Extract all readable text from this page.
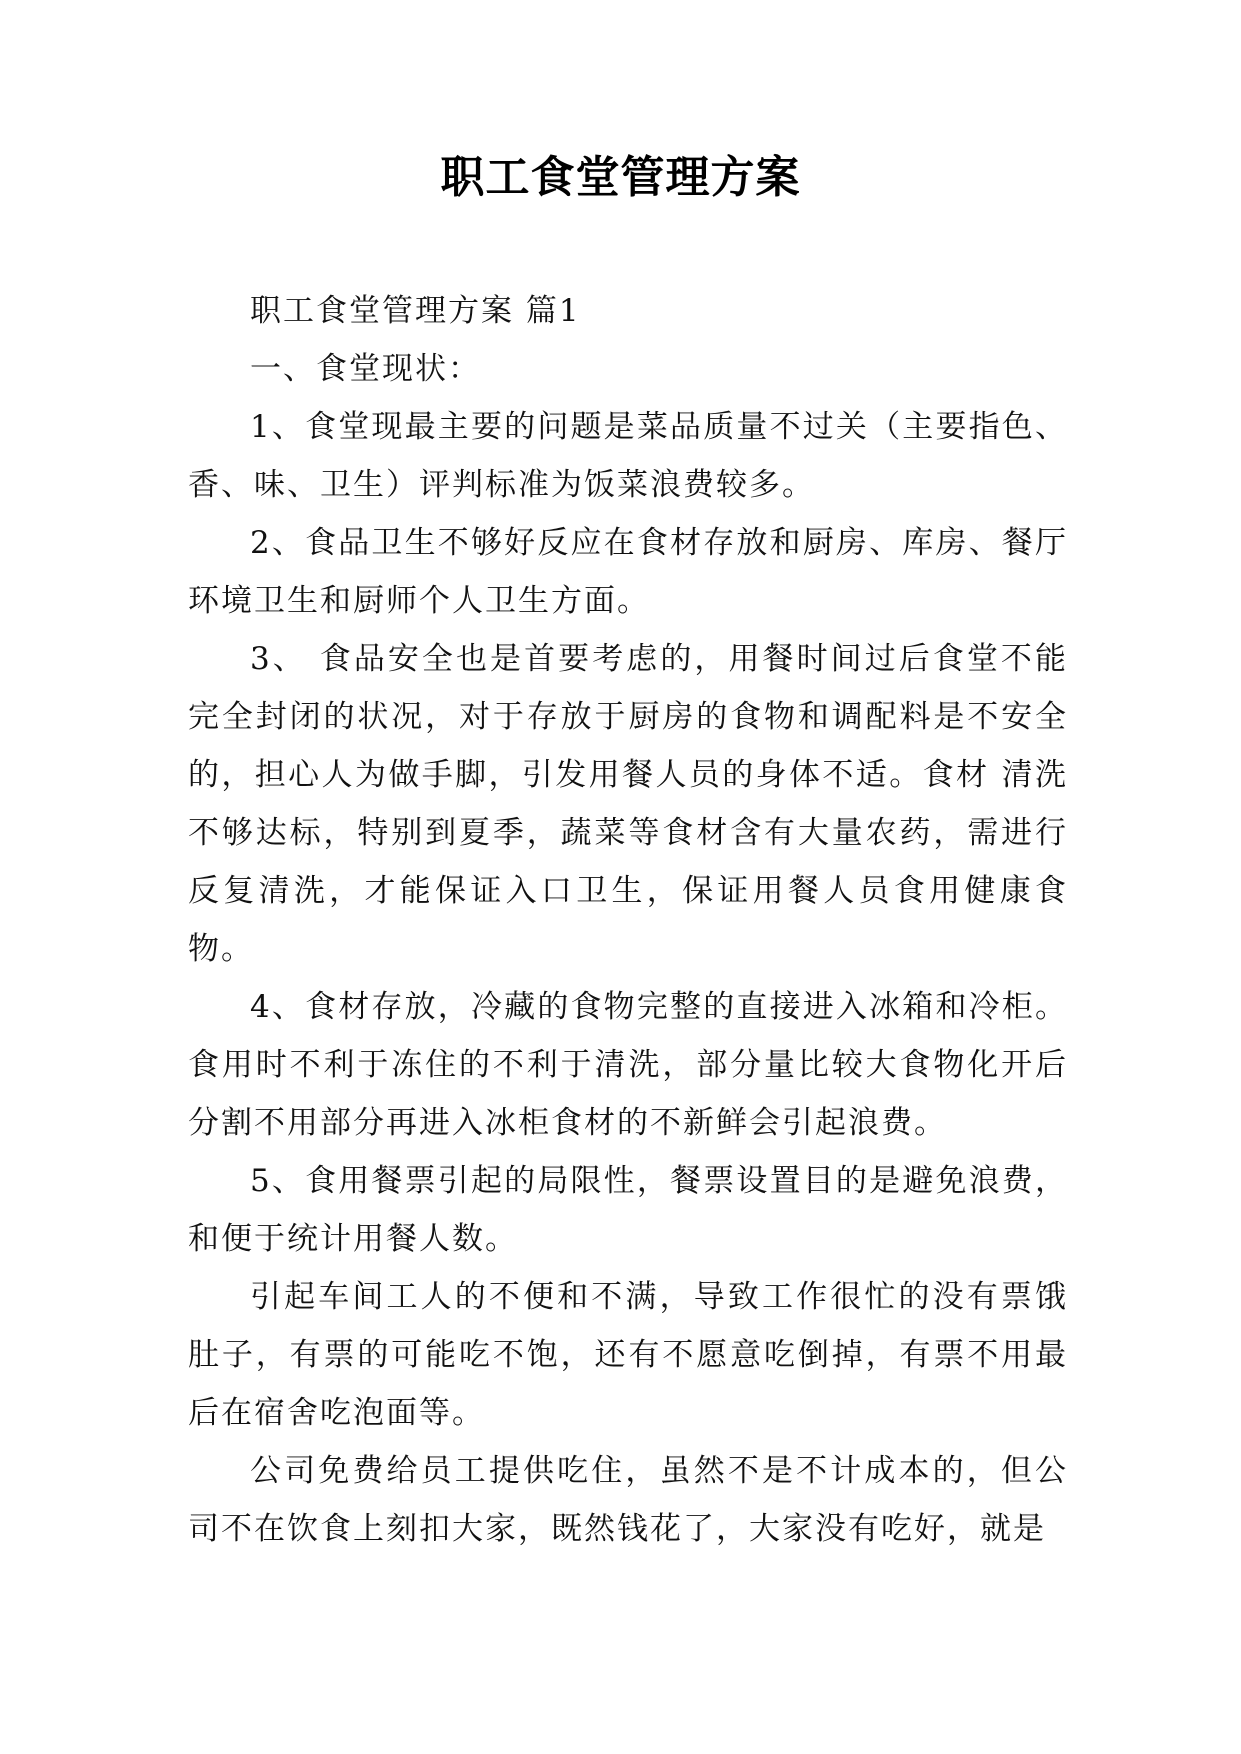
职工食堂管理方案

职工食堂管理方案 篇1

一、食堂现状：

1、食堂现最主要的问题是菜品质量不过关（主要指色、香、味、卫生）评判标准为饭菜浪费较多。

2、食品卫生不够好反应在食材存放和厨房、库房、餐厅环境卫生和厨师个人卫生方面。

3、 食品安全也是首要考虑的，用餐时间过后食堂不能完全封闭的状况，对于存放于厨房的食物和调配料是不安全的，担心人为做手脚，引发用餐人员的身体不适。食材 清洗不够达标，特别到夏季，蔬菜等食材含有大量农药，需进行反复清洗，才能保证入口卫生，保证用餐人员食用健康食物。

4、食材存放，冷藏的食物完整的直接进入冰箱和冷柜。食用时不利于冻住的不利于清洗，部分量比较大食物化开后分割不用部分再进入冰柜食材的不新鲜会引起浪费。

5、食用餐票引起的局限性，餐票设置目的是避免浪费，和便于统计用餐人数。

引起车间工人的不便和不满，导致工作很忙的没有票饿肚子，有票的可能吃不饱，还有不愿意吃倒掉，有票不用最后在宿舍吃泡面等。

公司免费给员工提供吃住，虽然不是不计成本的，但公司不在饮食上刻扣大家，既然钱花了，大家没有吃好，就是
